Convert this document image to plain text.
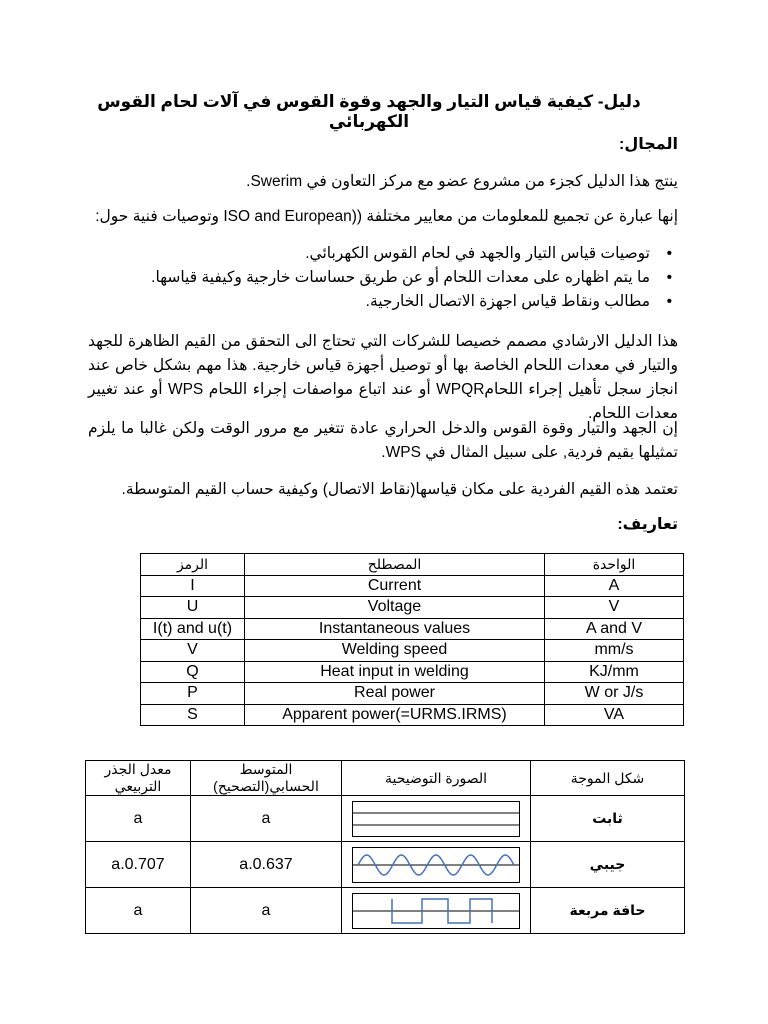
دليل- كيفية قياس التيار والجهد وقوة القوس في آلات لحام القوس الكهربائي
المجال:
ينتج هذا الدليل كجزء من مشروع عضو مع مركز التعاون في Swerim.
إنها عبارة عن تجميع للمعلومات من معايير مختلفة ((ISO and European وتوصيات فنية حول:
• توصيات قياس التيار والجهد في لحام القوس الكهربائي.
• ما يتم اظهاره على معدات اللحام أو عن طريق حساسات خارجية وكيفية قياسها.
• مطالب ونقاط قياس اجهزة الاتصال الخارجية.
هذا الدليل الارشادي مصمم خصيصا للشركات التي تحتاج الى التحقق من القيم الظاهرة للجهد والتيار في معدات اللحام الخاصة بها أو توصيل أجهزة قياس خارجية. هذا مهم بشكل خاص عند انجاز سجل تأهيل إجراء اللحامWPQR أو عند اتباع مواصفات إجراء اللحام WPS أو عند تغيير معدات اللحام.
إن الجهد والتيار وقوة القوس والدخل الحراري عادة تتغير مع مرور الوقت ولكن غالبا ما يلزم تمثيلها بقيم فردية, على سبيل المثال في WPS.
تعتمد هذه القيم الفردية على مكان قياسها(نقاط الاتصال) وكيفية حساب القيم المتوسطة.
تعاريف:
الرمز	المصطلح	الواحدة
I	Current	A
U	Voltage	V
I(t) and u(t)	Instantaneous values	A and V
V	Welding speed	mm/s
Q	Heat input in welding	KJ/mm
P	Real power	W or J/s
S	Apparent power(=URMS.IRMS)	VA
معدل الجذر التربيعي	المتوسط الحسابي(التصحيح)	الصورة التوضيحية	شكل الموجة
a	a		ثابت
a.0.707	a.0.637		جيبي
a	a		حافة مربعة
